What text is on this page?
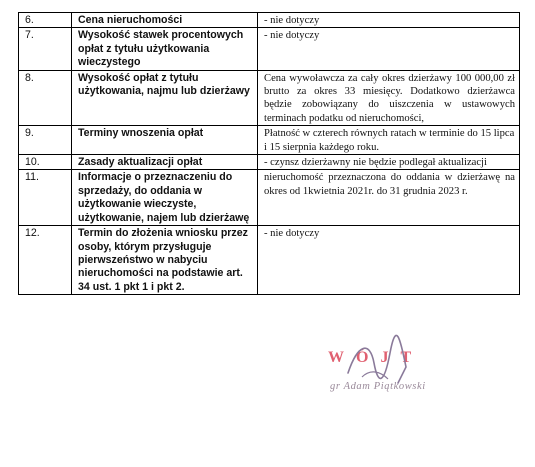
6.	Cena nieruchomości	- nie dotyczy
7.	Wysokość stawek procentowych opłat z tytułu użytkowania wieczystego	- nie dotyczy
8.	Wysokość opłat z tytułu użytkowania, najmu lub dzierżawy	Cena wywoławcza za cały okres dzierżawy 100 000,00 zł brutto za okres 33 miesięcy. Dodatkowo dzierżawca będzie zobowiązany do uiszczenia w ustawowych terminach podatku od nieruchomości,
9.	Terminy wnoszenia opłat	Płatność w czterech równych ratach w terminie do 15 lipca i 15 sierpnia każdego roku.
10.	Zasady aktualizacji opłat	- czynsz dzierżawny nie będzie podlegał aktualizacji
11.	Informacje o przeznaczeniu do sprzedaży, do oddania w użytkowanie wieczyste, użytkowanie, najem lub dzierżawę	nieruchomość przeznaczona do oddania w dzierżawę na okres od 1kwietnia 2021r. do 31 grudnia 2023 r.
12.	Termin do złożenia wniosku przez osoby, którym przysługuje pierwszeństwo w nabyciu nieruchomości na podstawie art. 34 ust. 1 pkt 1 i pkt 2.	- nie dotyczy
WÓJT
gr Adam Piątkowski
